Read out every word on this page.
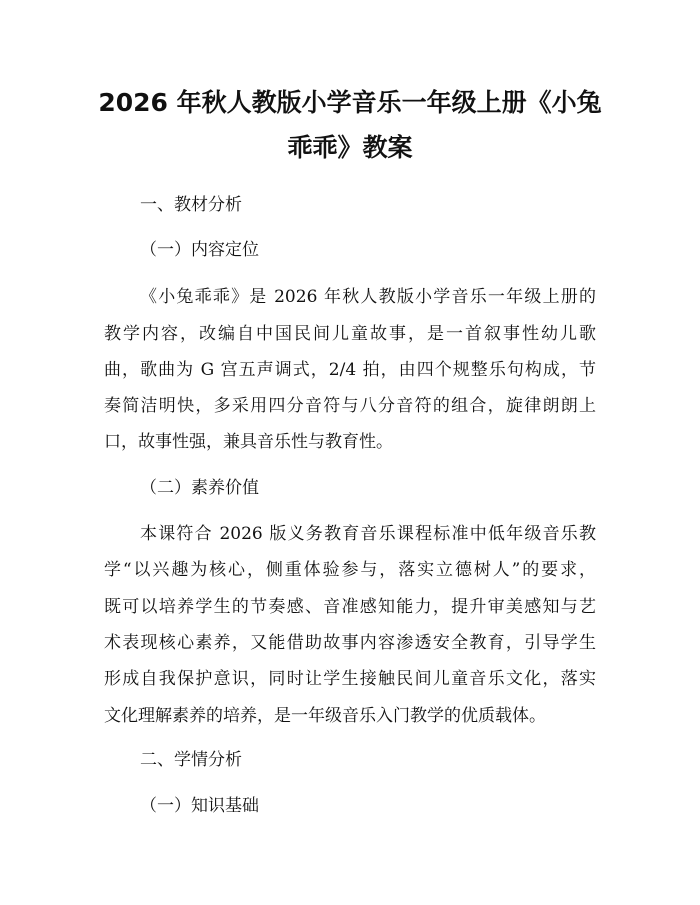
2026 年秋人教版小学音乐一年级上册《小兔
乖乖》教案

一、教材分析

（一）内容定位

《小兔乖乖》是 2026 年秋人教版小学音乐一年级上册的

教学内容，改编自中国民间儿童故事，是一首叙事性幼儿歌

曲，歌曲为 G 宫五声调式，2/4 拍，由四个规整乐句构成，节

奏简洁明快，多采用四分音符与八分音符的组合，旋律朗朗上

口，故事性强，兼具音乐性与教育性。

（二）素养价值

本课符合 2026 版义务教育音乐课程标准中低年级音乐教

学“以兴趣为核心，侧重体验参与，落实立德树人”的要求，

既可以培养学生的节奏感、音准感知能力，提升审美感知与艺

术表现核心素养，又能借助故事内容渗透安全教育，引导学生

形成自我保护意识，同时让学生接触民间儿童音乐文化，落实

文化理解素养的培养，是一年级音乐入门教学的优质载体。

二、学情分析

（一）知识基础
